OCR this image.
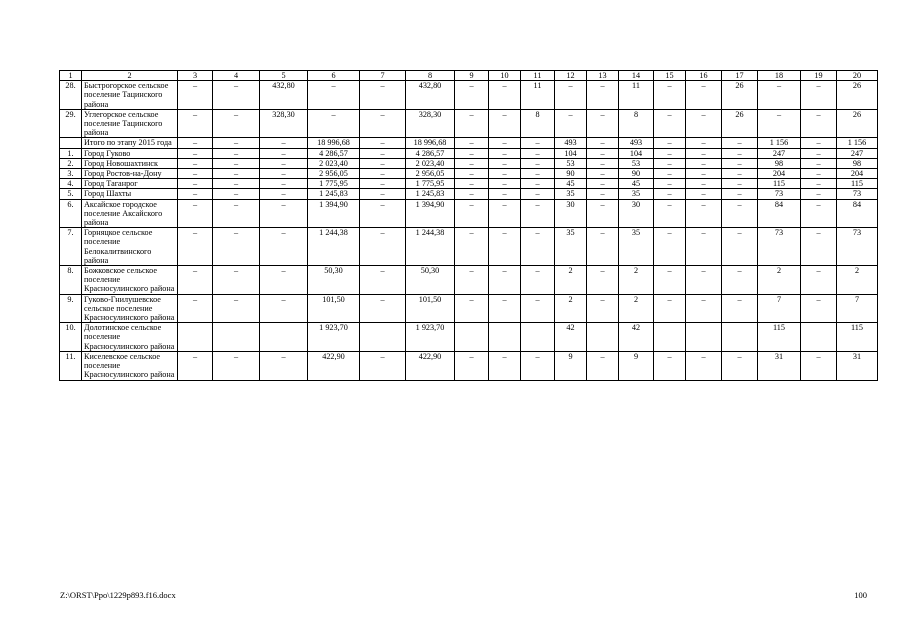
1	2	3	4	5	6	7	8	9	10	11	12	13	14	15	16	17	18	19	20
28.	Быстрогорское сельское поселение Тацинского района	–	–	432,80	–	–	432,80	–	–	11	–	–	11	–	–	26	–	–	26
29.	Углегорское сельское поселение Тацинского района	–	–	328,30	–	–	328,30	–	–	8	–	–	8	–	–	26	–	–	26
	Итого по этапу 2015 года	–	–	–	18 996,68	–	18 996,68	–	–	–	493	–	493	–	–	–	1 156	–	1 156
1.	Город Гуково	–	–	–	4 286,57	–	4 286,57	–	–	–	104	–	104	–	–	–	247	–	247
2.	Город Новошахтинск	–	–	–	2 023,40	–	2 023,40	–	–	–	53	–	53	–	–	–	98	–	98
3.	Город Ростов-на-Дону	–	–	–	2 956,05	–	2 956,05	–	–	–	90	–	90	–	–	–	204	–	204
4.	Город Таганрог	–	–	–	1 775,95	–	1 775,95	–	–	–	45	–	45	–	–	–	115	–	115
5.	Город Шахты	–	–	–	1 245,83	–	1 245,83	–	–	–	35	–	35	–	–	–	73	–	73
6.	Аксайское городское поселение Аксайского района	–	–	–	1 394,90	–	1 394,90	–	–	–	30	–	30	–	–	–	84	–	84
7.	Горняцкое сельское поселение Белокалитвинского района	–	–	–	1 244,38	–	1 244,38	–	–	–	35	–	35	–	–	–	73	–	73
8.	Божковское сельское поселение Красносулинского района	–	–	–	50,30	–	50,30	–	–	–	2	–	2	–	–	–	2	–	2
9.	Гуково-Гнилушевское сельское поселение Красносулинского района	–	–	–	101,50	–	101,50	–	–	–	2	–	2	–	–	–	7	–	7
10.	Долотинское сельское поселение Красносулинского района				1 923,70		1 923,70				42		42				115		115
11.	Киселевское сельское поселение Красносулинского района	–	–	–	422,90	–	422,90	–	–	–	9	–	9	–	–	–	31	–	31
Z:\ORST\Ppo\1229p893.f16.docx	100
